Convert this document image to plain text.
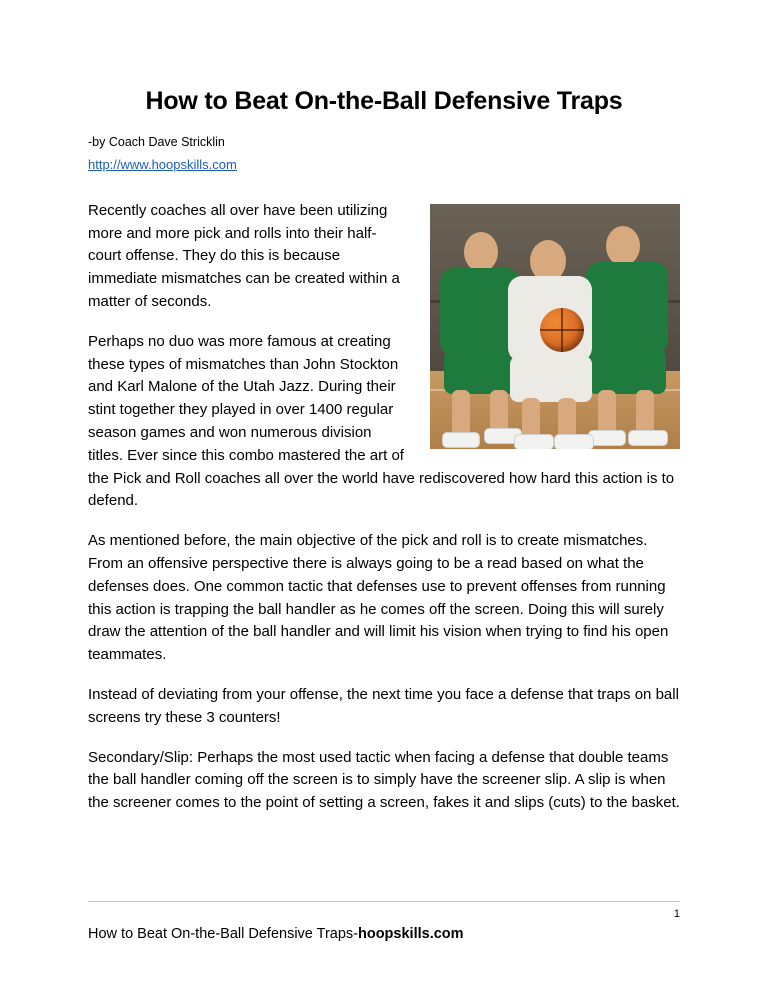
How to Beat On-the-Ball Defensive Traps

-by Coach Dave Stricklin

http://www.hoopskills.com

Recently coaches all over have been utilizing more and more pick and rolls into their half-court offense. They do this is because immediate mismatches can be created within a matter of seconds.

Perhaps no duo was more famous at creating these types of mismatches than John Stockton and Karl Malone of the Utah Jazz. During their stint together they played in over 1400 regular season games and won numerous division titles. Ever since this combo mastered the art of the Pick and Roll coaches all over the world have rediscovered how hard this action is to defend.

As mentioned before, the main objective of the pick and roll is to create mismatches. From an offensive perspective there is always going to be a read based on what the defenses does. One common tactic that defenses use to prevent offenses from running this action is trapping the ball handler as he comes off the screen. Doing this will surely draw the attention of the ball handler and will limit his vision when trying to find his open teammates.

Instead of deviating from your offense, the next time you face a defense that traps on ball screens try these 3 counters!

Secondary/Slip: Perhaps the most used tactic when facing a defense that double teams the ball handler coming off the screen is to simply have the screener slip. A slip is when the screener comes to the point of setting a screen, fakes it and slips (cuts) to the basket.

1

How to Beat On-the-Ball Defensive Traps-hoopskills.com
